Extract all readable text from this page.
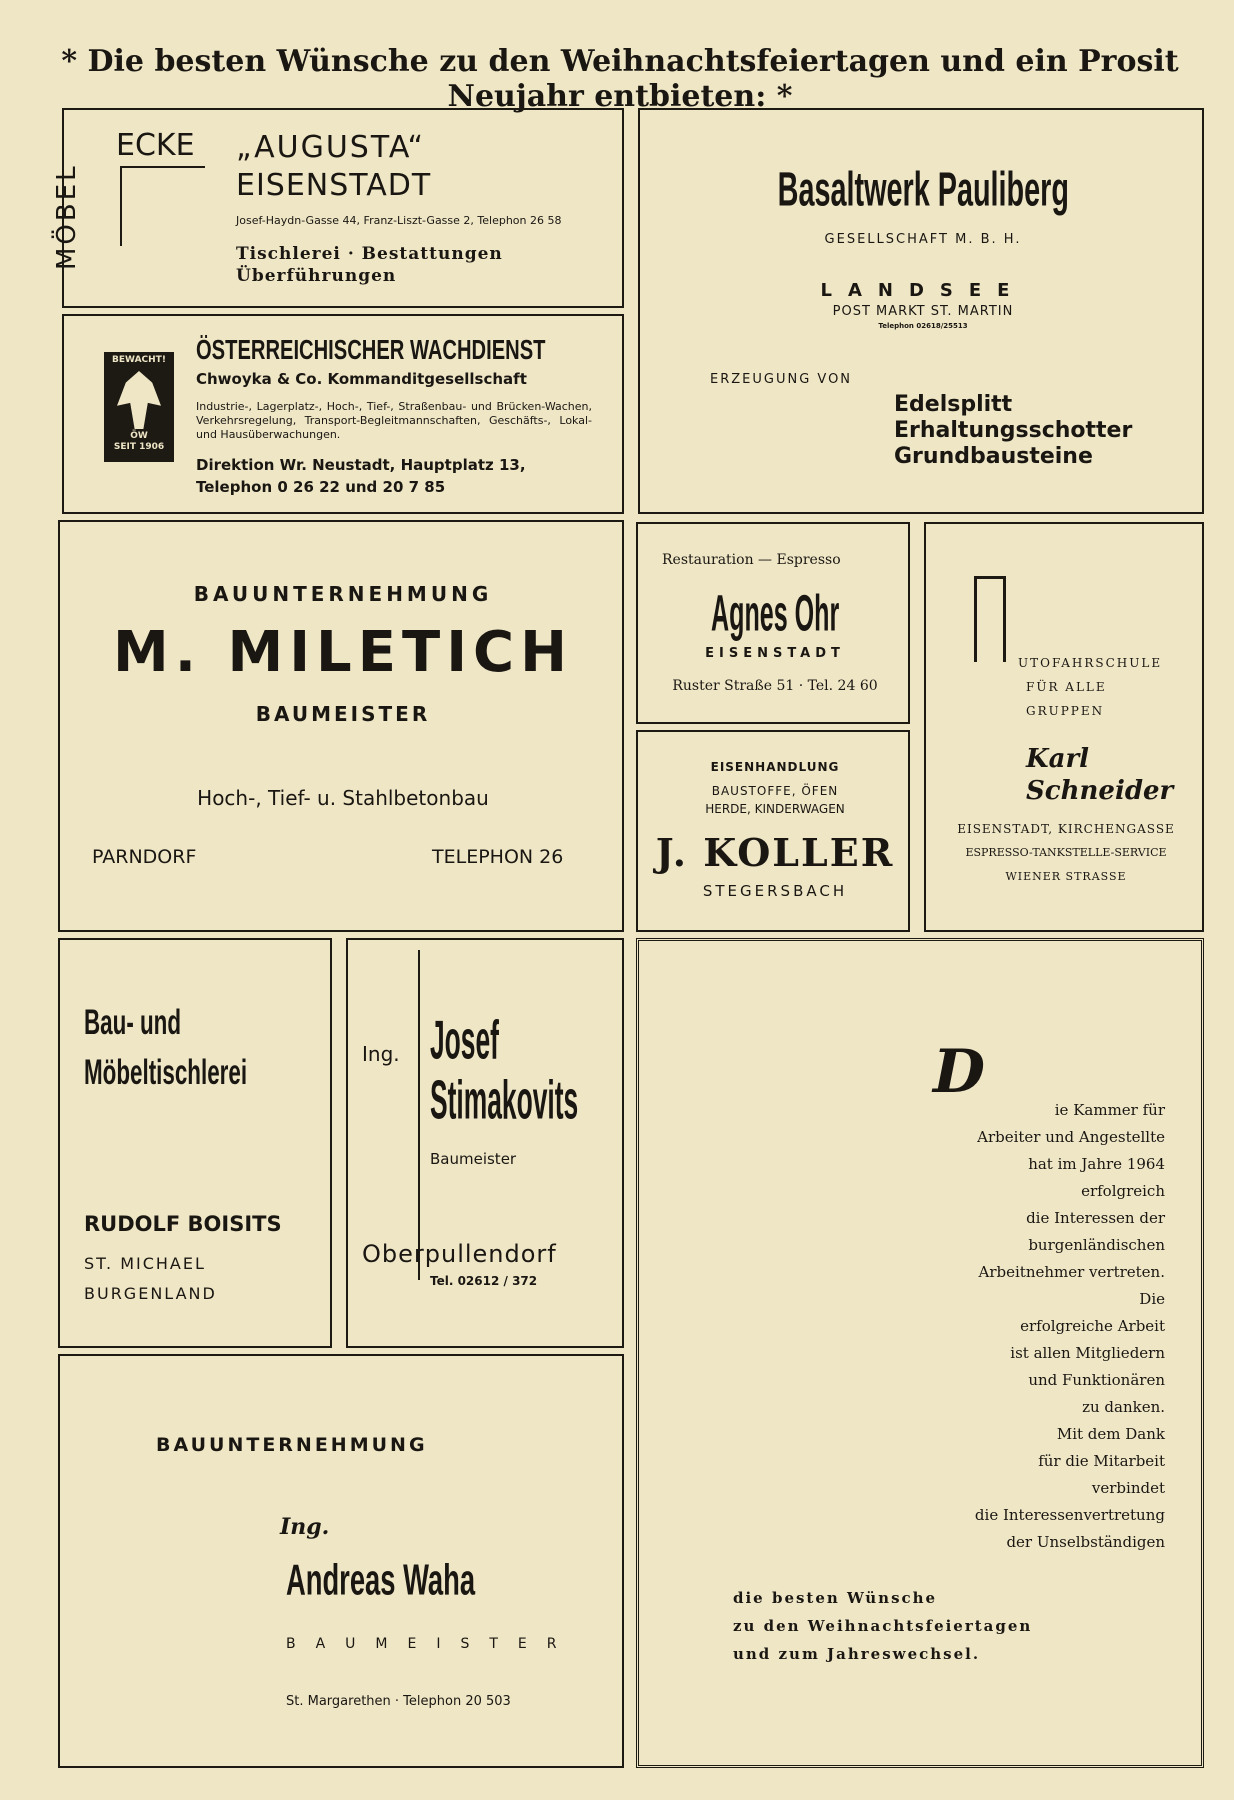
* Die besten Wünsche zu den Weihnachtsfeiertagen und ein Prosit Neujahr entbieten: *
MÖBEL
ECKE „AUGUSTA“
EISENSTADT
Josef-Haydn-Gasse 44, Franz-Liszt-Gasse 2, Telephon 26 58
Tischlerei · Bestattungen
Überführungen
BEWACHT!
ÖW
SEIT 1906
ÖSTERREICHISCHER WACHDIENST
Chwoyka & Co. Kommanditgesellschaft
Industrie-, Lagerplatz-, Hoch-, Tief-, Straßenbau- und Brücken-Wachen, Verkehrsregelung, Transport-Begleitmannschaften, Geschäfts-, Lokal- und Hausüberwachungen.
Direktion Wr. Neustadt, Hauptplatz 13,
Telephon 0 26 22 und 20 7 85
Basaltwerk Pauliberg
GESELLSCHAFT M. B. H.
LANDSEE
POST MARKT ST. MARTIN
Telephon 02618/25513
ERZEUGUNG VON
Edelsplitt
Erhaltungsschotter
Grundbausteine
BAUUNTERNEHMUNG
M. MILETICH
BAUMEISTER
Hoch-, Tief- u. Stahlbetonbau
PARNDORF	TELEPHON 26
Restauration — Espresso
Agnes Ohr
EISENSTADT
Ruster Straße 51 · Tel. 24 60
EISENHANDLUNG
BAUSTOFFE, ÖFEN
HERDE, KINDERWAGEN
J. KOLLER
STEGERSBACH
UTOFAHRSCHULE
FÜR ALLE
GRUPPEN
Karl
Schneider
EISENSTADT, KIRCHENGASSE
ESPRESSO-TANKSTELLE-SERVICE
WIENER STRASSE
Bau- und
Möbeltischlerei
RUDOLF BOISITS
ST. MICHAEL
BURGENLAND
Ing. Josef
Stimakovits
Baumeister
Oberpullendorf
Tel. 02612 / 372
D
ie Kammer für
Arbeiter und Angestellte
hat im Jahre 1964
erfolgreich
die Interessen der
burgenländischen
Arbeitnehmer vertreten.
Die
erfolgreiche Arbeit
ist allen Mitgliedern
und Funktionären
zu danken.
Mit dem Dank
für die Mitarbeit
verbindet
die Interessenvertretung
der Unselbständigen
die besten Wünsche
zu den Weihnachtsfeiertagen
und zum Jahreswechsel.
BAUUNTERNEHMUNG
Ing.
Andreas Waha
BAUMEISTER
St. Margarethen · Telephon 20 503
